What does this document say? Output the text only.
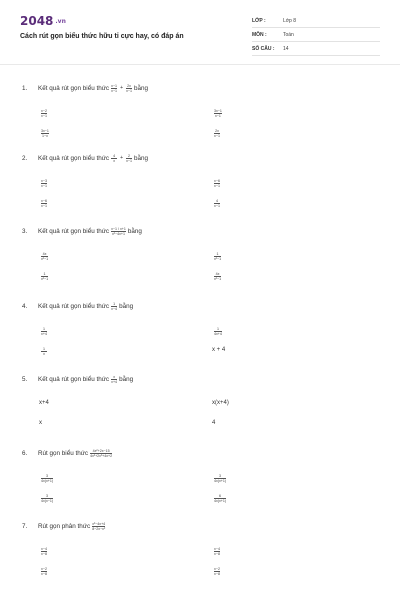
2048 .vn
Cách rút gọn biểu thức hữu tỉ cực hay, có đáp án
LỚP :	Lớp 8
MÔN :	Toán
SỐ CÂU :	14
1.	Kết quả rút gọn biểu thức $\frac{x-1}{x-1} + \frac{2x}{x-1}$ bằng
$\frac{x-2}{x-1}$	$\frac{3x-1}{x-1}$
$\frac{3x-1}{1-x}$	$\frac{2x}{x-1}$
2.	Kết quả rút gọn biểu thức $\frac{4}{x} + \frac{2}{x-1}$ bằng
$\frac{x-3}{x-1}$	$\frac{x-6}{x-1}$
$\frac{x-6}{x-1}$	$\frac{4}{x-1}$
3.	Kết quả rút gọn biểu thức $\frac{x-1 / x+1}{\text{x²−4x+1}}$ bằng
$\frac{4x}{\text{x²−1}}$	$\frac{1}{\text{x²−1}}$
$\frac{1}{\text{x²−1}}$	$\frac{4x}{\text{x²−1}}$
4.	Kết quả rút gọn biểu thức $\frac{1}{x-4}$ bằng
$\frac{1}{x+4}$	$\frac{1}{4x+4}$
$\frac{1}{x}$	x + 4
5.	Kết quả rút gọn biểu thức $\frac{x}{x+4}$ bằng
x+4	x(x+4)
x	4
6.	Rút gọn biểu thức $\frac{\text{4x²+2x−15}}{\text{4x²+2x³+4x+2}}$
$\frac{3}{4x(x+1)}$	$\frac{3}{4x(x+1)}$
$\frac{3}{4x(x-1)}$	$\frac{6}{4x(x+1)}$
7.	Rút gọn phân thức $\frac{\text{x²−4x+4}}{\text{8−2x−x²}}$
$\frac{x-4}{x-8}$	$\frac{x-4}{x-8}$
$\frac{x-2}{x-8}$	$\frac{x-2}{x-8}$
